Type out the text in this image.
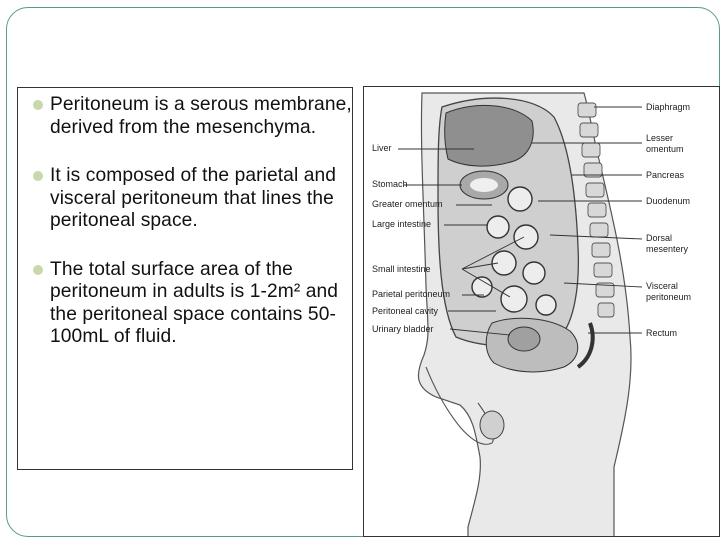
Peritoneum is a serous membrane, derived from the mesenchyma.
It is composed of the parietal and visceral peritoneum that lines the peritoneal space.
The total surface area of the peritoneum in adults is 1-2m² and the peritoneal space contains 50-100mL of fluid.
Liver
Stomach
Greater omentum
Large intestine
Small intestine
Parietal peritoneum
Peritoneal cavity
Urinary bladder
Diaphragm
Lesser
omentum
Pancreas
Duodenum
Dorsal
mesentery
Visceral
peritoneum
Rectum
